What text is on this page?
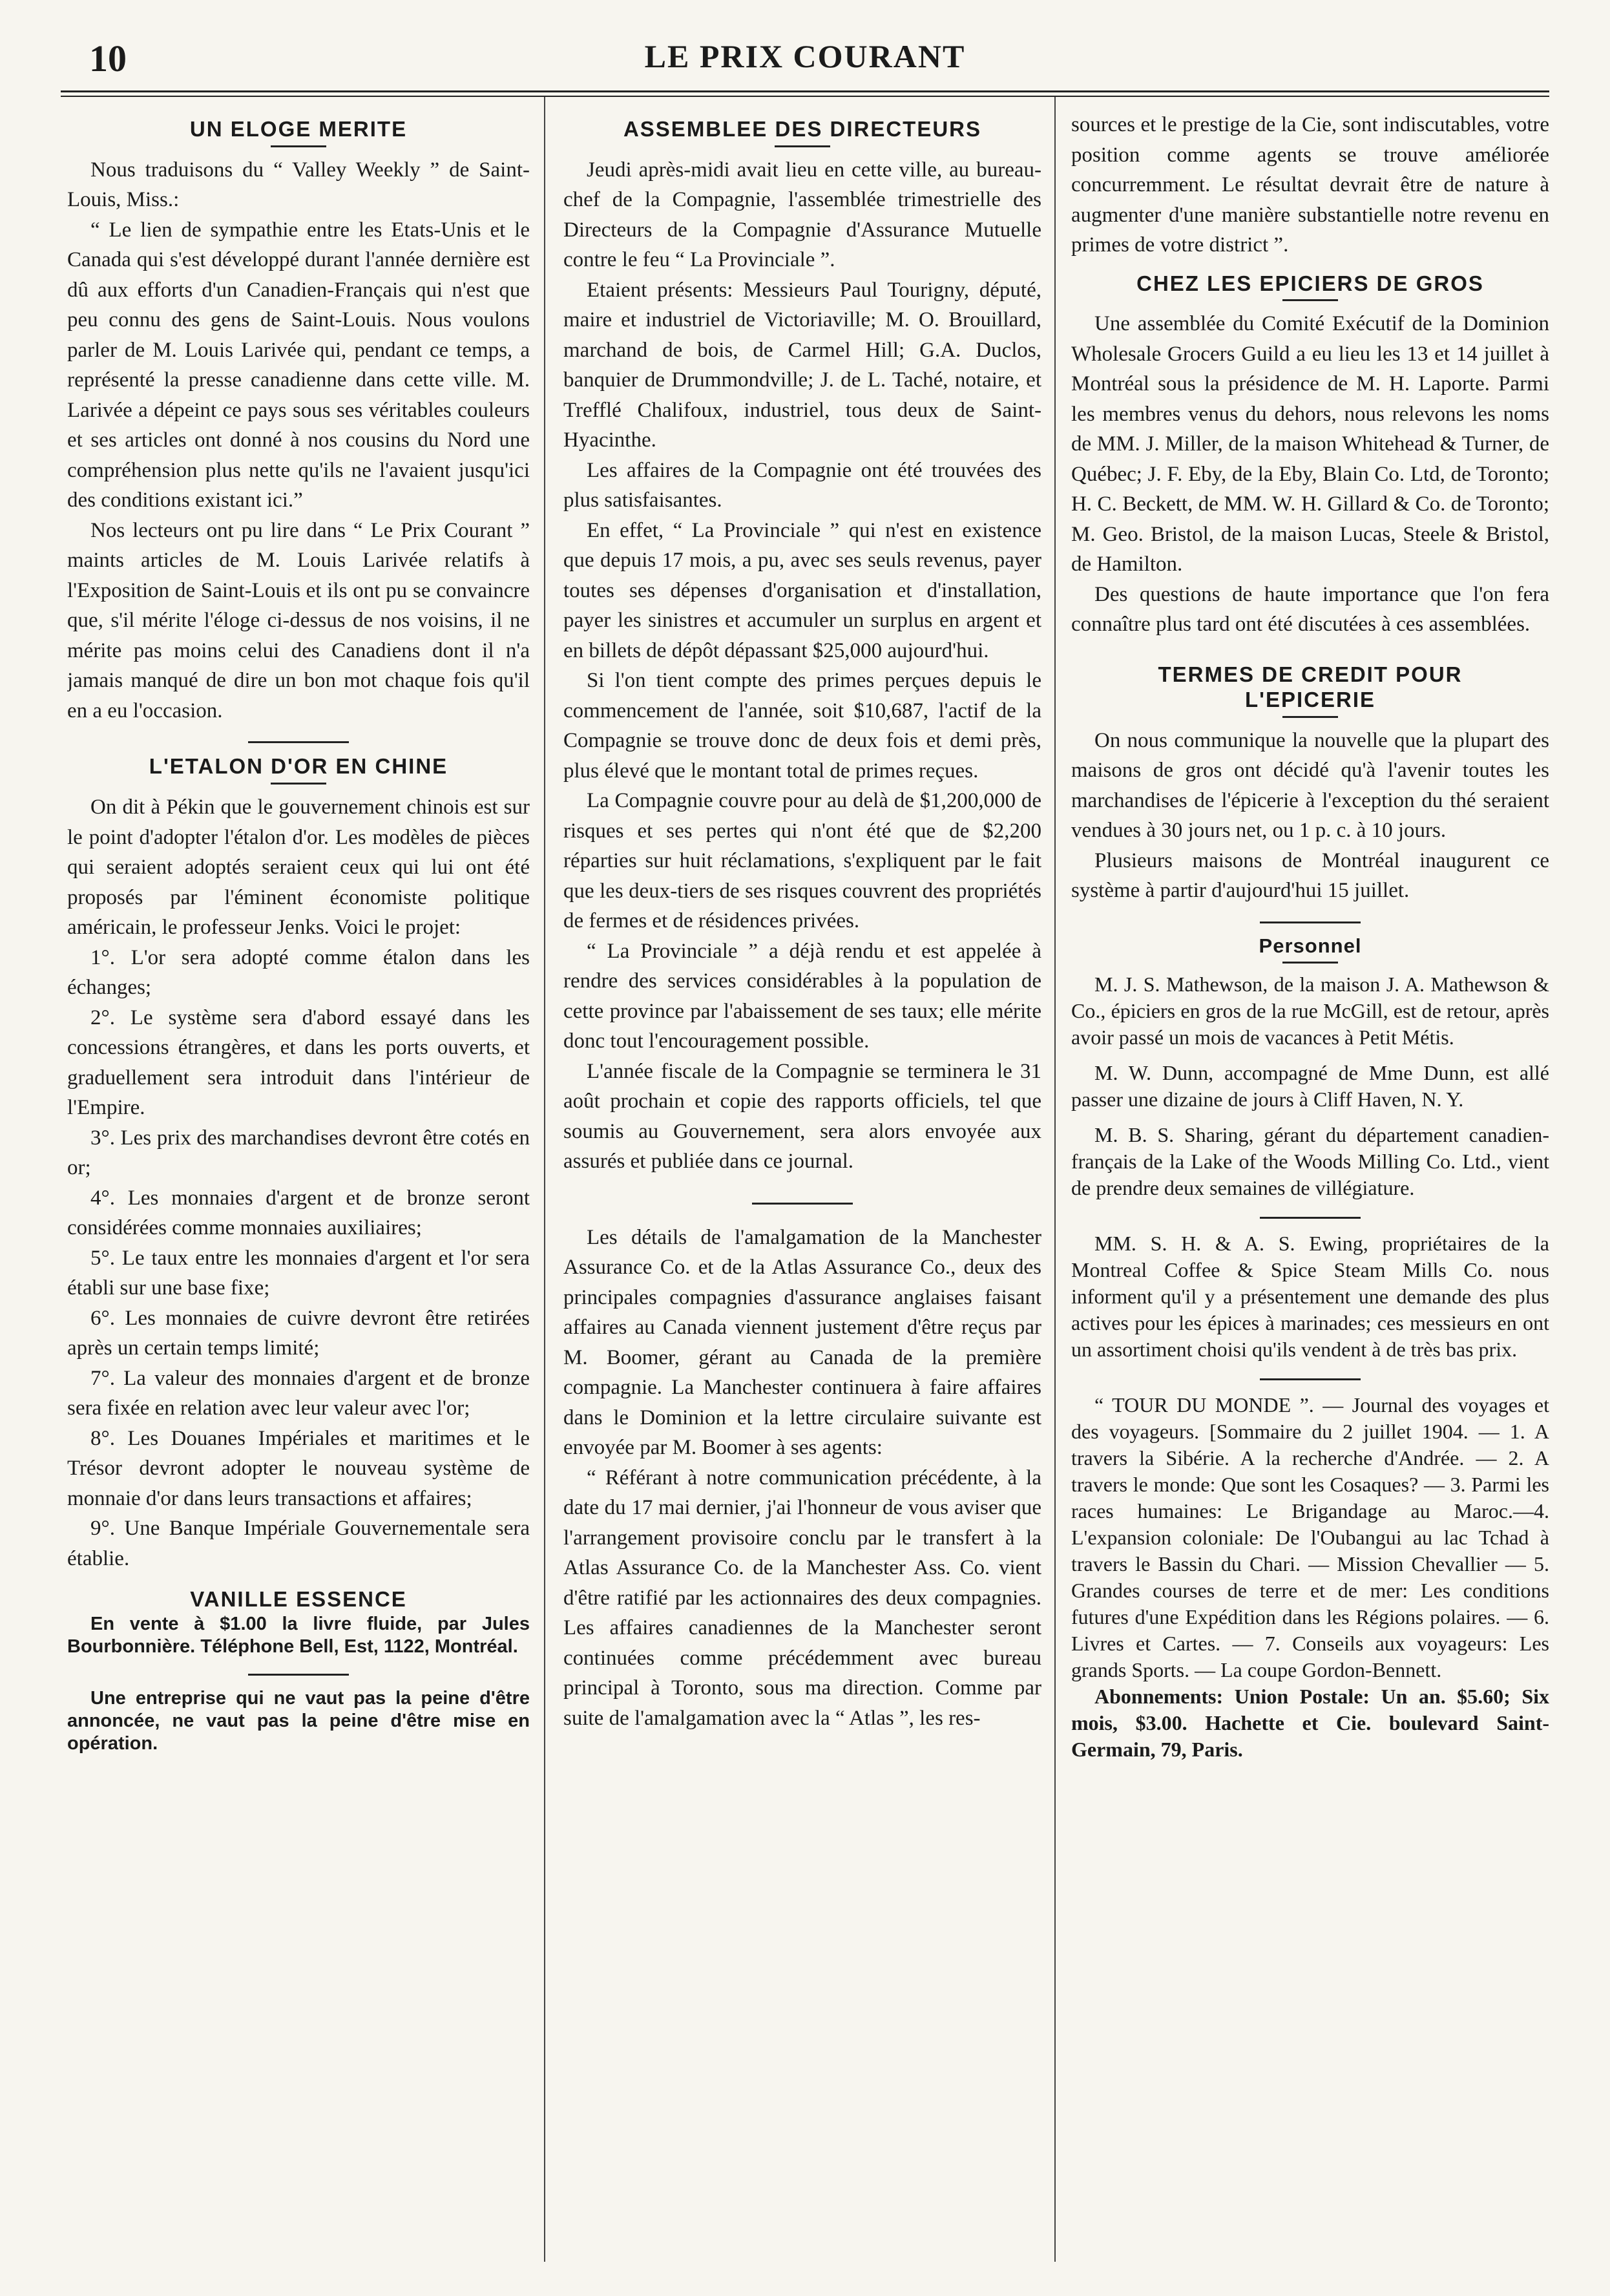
10	LE PRIX COURANT
UN ELOGE MERITE

Nous traduisons du “ Valley Weekly ” de Saint-Louis, Miss.:

“ Le lien de sympathie entre les Etats-Unis et le Canada qui s'est développé durant l'année dernière est dû aux efforts d'un Canadien-Français qui n'est que peu connu des gens de Saint-Louis. Nous voulons parler de M. Louis Larivée qui, pendant ce temps, a représenté la presse canadienne dans cette ville. M. Larivée a dépeint ce pays sous ses véritables couleurs et ses articles ont donné à nos cousins du Nord une compréhension plus nette qu'ils ne l'avaient jusqu'ici des conditions existant ici.”

Nos lecteurs ont pu lire dans “ Le Prix Courant ” maints articles de M. Louis Larivée relatifs à l'Exposition de Saint-Louis et ils ont pu se convaincre que, s'il mérite l'éloge ci-dessus de nos voisins, il ne mérite pas moins celui des Canadiens dont il n'a jamais manqué de dire un bon mot chaque fois qu'il en a eu l'occasion.

L'ETALON D'OR EN CHINE

On dit à Pékin que le gouvernement chinois est sur le point d'adopter l'étalon d'or. Les modèles de pièces qui seraient adoptés seraient ceux qui lui ont été proposés par l'éminent économiste politique américain, le professeur Jenks. Voici le projet:

1°. L'or sera adopté comme étalon dans les échanges;

2°. Le système sera d'abord essayé dans les concessions étrangères, et dans les ports ouverts, et graduellement sera introduit dans l'intérieur de l'Empire.

3°. Les prix des marchandises devront être cotés en or;

4°. Les monnaies d'argent et de bronze seront considérées comme monnaies auxiliaires;

5°. Le taux entre les monnaies d'argent et l'or sera établi sur une base fixe;

6°. Les monnaies de cuivre devront être retirées après un certain temps limité;

7°. La valeur des monnaies d'argent et de bronze sera fixée en relation avec leur valeur avec l'or;

8°. Les Douanes Impériales et maritimes et le Trésor devront adopter le nouveau système de monnaie d'or dans leurs transactions et affaires;

9°. Une Banque Impériale Gouvernementale sera établie.

VANILLE ESSENCE

En vente à $1.00 la livre fluide, par Jules Bourbonnière. Téléphone Bell, Est, 1122, Montréal.

Une entreprise qui ne vaut pas la peine d'être annoncée, ne vaut pas la peine d'être mise en opération.

ASSEMBLEE DES DIRECTEURS

Jeudi après-midi avait lieu en cette ville, au bureau-chef de la Compagnie, l'assemblée trimestrielle des Directeurs de la Compagnie d'Assurance Mutuelle contre le feu “ La Provinciale ”.

Etaient présents: Messieurs Paul Tourigny, député, maire et industriel de Victoriaville; M. O. Brouillard, marchand de bois, de Carmel Hill; G.A. Duclos, banquier de Drummondville; J. de L. Taché, notaire, et Trefflé Chalifoux, industriel, tous deux de Saint-Hyacinthe.

Les affaires de la Compagnie ont été trouvées des plus satisfaisantes.

En effet, “ La Provinciale ” qui n'est en existence que depuis 17 mois, a pu, avec ses seuls revenus, payer toutes ses dépenses d'organisation et d'installation, payer les sinistres et accumuler un surplus en argent et en billets de dépôt dépassant $25,000 aujourd'hui.

Si l'on tient compte des primes perçues depuis le commencement de l'année, soit $10,687, l'actif de la Compagnie se trouve donc de deux fois et demi près, plus élevé que le montant total de primes reçues.

La Compagnie couvre pour au delà de $1,200,000 de risques et ses pertes qui n'ont été que de $2,200 réparties sur huit réclamations, s'expliquent par le fait que les deux-tiers de ses risques couvrent des propriétés de fermes et de résidences privées.

“ La Provinciale ” a déjà rendu et est appelée à rendre des services considérables à la population de cette province par l'abaissement de ses taux; elle mérite donc tout l'encouragement possible.

L'année fiscale de la Compagnie se terminera le 31 août prochain et copie des rapports officiels, tel que soumis au Gouvernement, sera alors envoyée aux assurés et publiée dans ce journal.

Les détails de l'amalgamation de la Manchester Assurance Co. et de la Atlas Assurance Co., deux des principales compagnies d'assurance anglaises faisant affaires au Canada viennent justement d'être reçus par M. Boomer, gérant au Canada de la première compagnie. La Manchester continuera à faire affaires dans le Dominion et la lettre circulaire suivante est envoyée par M. Boomer à ses agents:

“ Référant à notre communication précédente, à la date du 17 mai dernier, j'ai l'honneur de vous aviser que l'arrangement provisoire conclu par le transfert à la Atlas Assurance Co. de la Manchester Ass. Co. vient d'être ratifié par les actionnaires des deux compagnies. Les affaires canadiennes de la Manchester seront continuées comme précédemment avec bureau principal à Toronto, sous ma direction. Comme par suite de l'amalgamation avec la “ Atlas ”, les res-

sources et le prestige de la Cie, sont indiscutables, votre position comme agents se trouve améliorée concurremment. Le résultat devrait être de nature à augmenter d'une manière substantielle notre revenu en primes de votre district ”.

CHEZ LES EPICIERS DE GROS

Une assemblée du Comité Exécutif de la Dominion Wholesale Grocers Guild a eu lieu les 13 et 14 juillet à Montréal sous la présidence de M. H. Laporte. Parmi les membres venus du dehors, nous relevons les noms de MM. J. Miller, de la maison Whitehead & Turner, de Québec; J. F. Eby, de la Eby, Blain Co. Ltd, de Toronto; H. C. Beckett, de MM. W. H. Gillard & Co. de Toronto; M. Geo. Bristol, de la maison Lucas, Steele & Bristol, de Hamilton.

Des questions de haute importance que l'on fera connaître plus tard ont été discutées à ces assemblées.

TERMES DE CREDIT POUR
L'EPICERIE

On nous communique la nouvelle que la plupart des maisons de gros ont décidé qu'à l'avenir toutes les marchandises de l'épicerie à l'exception du thé seraient vendues à 30 jours net, ou 1 p. c. à 10 jours.

Plusieurs maisons de Montréal inaugurent ce système à partir d'aujourd'hui 15 juillet.

Personnel

M. J. S. Mathewson, de la maison J. A. Mathewson & Co., épiciers en gros de la rue McGill, est de retour, après avoir passé un mois de vacances à Petit Métis.

M. W. Dunn, accompagné de Mme Dunn, est allé passer une dizaine de jours à Cliff Haven, N. Y.

M. B. S. Sharing, gérant du département canadien-français de la Lake of the Woods Milling Co. Ltd., vient de prendre deux semaines de villégiature.

MM. S. H. & A. S. Ewing, propriétaires de la Montreal Coffee & Spice Steam Mills Co. nous informent qu'il y a présentement une demande des plus actives pour les épices à marinades; ces messieurs en ont un assortiment choisi qu'ils vendent à de très bas prix.

“ TOUR DU MONDE ”. — Journal des voyages et des voyageurs. [Sommaire du 2 juillet 1904. — 1. A travers la Sibérie. A la recherche d'Andrée. — 2. A travers le monde: Que sont les Cosaques? — 3. Parmi les races humaines: Le Brigandage au Maroc.—4. L'expansion coloniale: De l'Oubangui au lac Tchad à travers le Bassin du Chari. — Mission Chevallier — 5. Grandes courses de terre et de mer: Les conditions futures d'une Expédition dans les Régions polaires. — 6. Livres et Cartes. — 7. Conseils aux voyageurs: Les grands Sports. — La coupe Gordon-Bennett.

Abonnements: Union Postale: Un an. $5.60; Six mois, $3.00. Hachette et Cie. boulevard Saint-Germain, 79, Paris.
